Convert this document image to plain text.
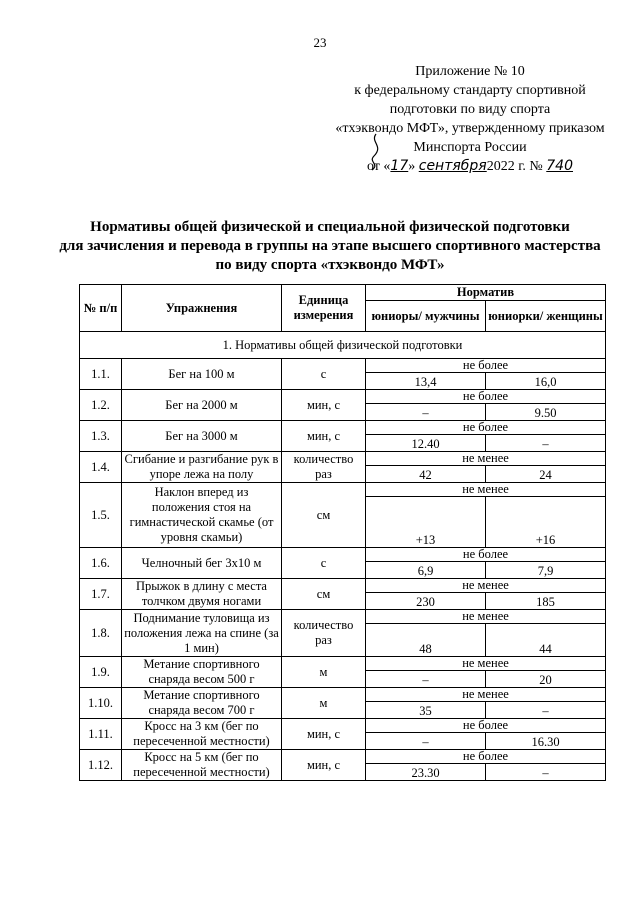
23
Приложение № 10
к федеральному стандарту спортивной
подготовки по виду спорта
«тхэквондо МФТ», утвержденному приказом
Минспорта России
от «17» сентября2022 г. № 740
Нормативы общей физической и специальной физической подготовки
для зачисления и перевода в группы на этапе высшего спортивного мастерства
по виду спорта «тхэквондо МФТ»
№ п/п	Упражнения	Единица измерения	Норматив	
			юниоры/ мужчины	юниорки/ женщины
1. Нормативы общей физической подготовки				
1.1.	Бег на 100 м	с	не более	
			13,4	16,0
1.2.	Бег на 2000 м	мин, с	не более	
			–	9.50
1.3.	Бег на 3000 м	мин, с	не более	
			12.40	–
1.4.	Сгибание и разгибание рук в упоре лежа на полу	количество раз	не менее	
			42	24
1.5.	Наклон вперед из положения стоя на гимнастической скамье (от уровня скамьи)	см	не менее	
			+13	+16
1.6.	Челночный бег 3х10 м	с	не более	
			6,9	7,9
1.7.	Прыжок в длину с места толчком двумя ногами	см	не менее	
			230	185
1.8.	Поднимание туловища из положения лежа на спине (за 1 мин)	количество раз	не менее	
			48	44
1.9.	Метание спортивного снаряда весом 500 г	м	не менее	
			–	20
1.10.	Метание спортивного снаряда весом 700 г	м	не менее	
			35	–
1.11.	Кросс на 3 км (бег по пересеченной местности)	мин, с	не более	
			–	16.30
1.12.	Кросс на 5 км (бег по пересеченной местности)	мин, с	не более	
			23.30	–
